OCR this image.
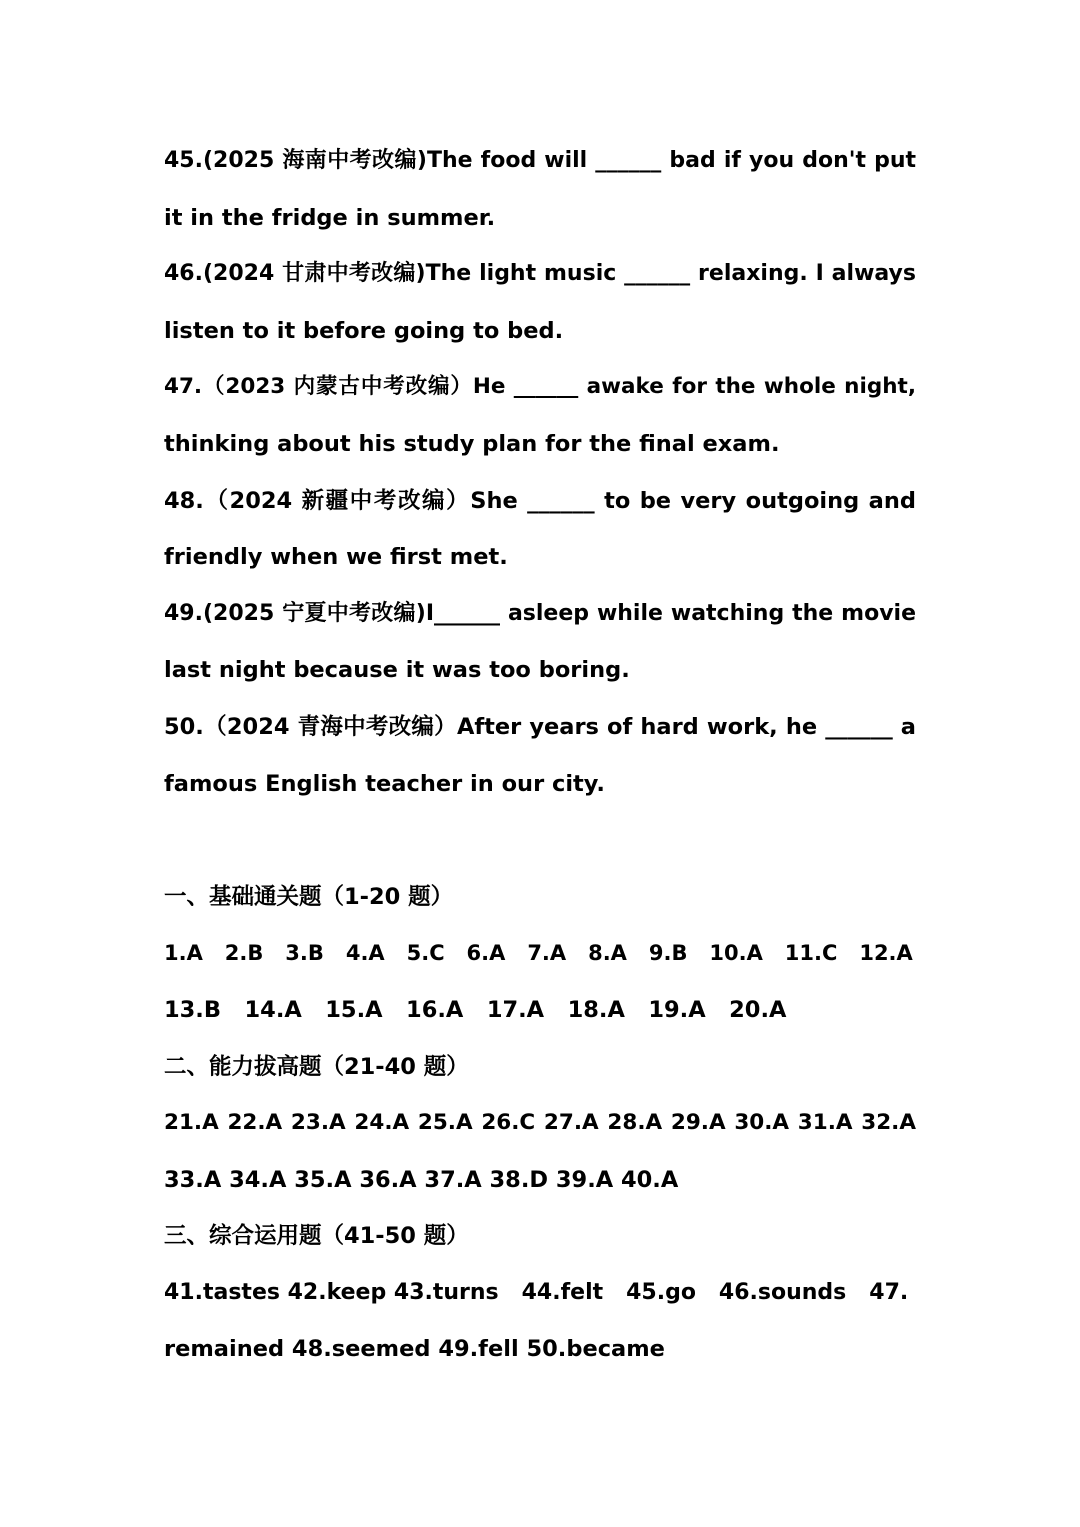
45.(2025 海南中考改编)The food will ______ bad if you don't put
it in the fridge in summer.
46.(2024 甘肃中考改编)The light music ______ relaxing. I always
listen to it before going to bed.
47.（2023 内蒙古中考改编）He ______ awake for the whole night,
thinking about his study plan for the final exam.
48.（2024 新疆中考改编）She ______ to be very outgoing and
friendly when we first met.
49.(2025 宁夏中考改编)I______ asleep while watching the movie
last night because it was too boring.
50.（2024 青海中考改编）After years of hard work, he ______ a
famous English teacher in our city.
一、基础通关题（1-20 题）
1.A   2.B   3.B   4.A   5.C   6.A   7.A   8.A   9.B   10.A   11.C   12.A
13.B   14.A   15.A   16.A   17.A   18.A   19.A   20.A
二、能力拔高题（21-40 题）
21.A 22.A 23.A 24.A 25.A 26.C 27.A 28.A 29.A 30.A 31.A 32.A
33.A 34.A 35.A 36.A 37.A 38.D 39.A 40.A
三、综合运用题（41-50 题）
41.tastes 42.keep 43.turns   44.felt   45.go   46.sounds   47.
remained 48.seemed 49.fell 50.became
